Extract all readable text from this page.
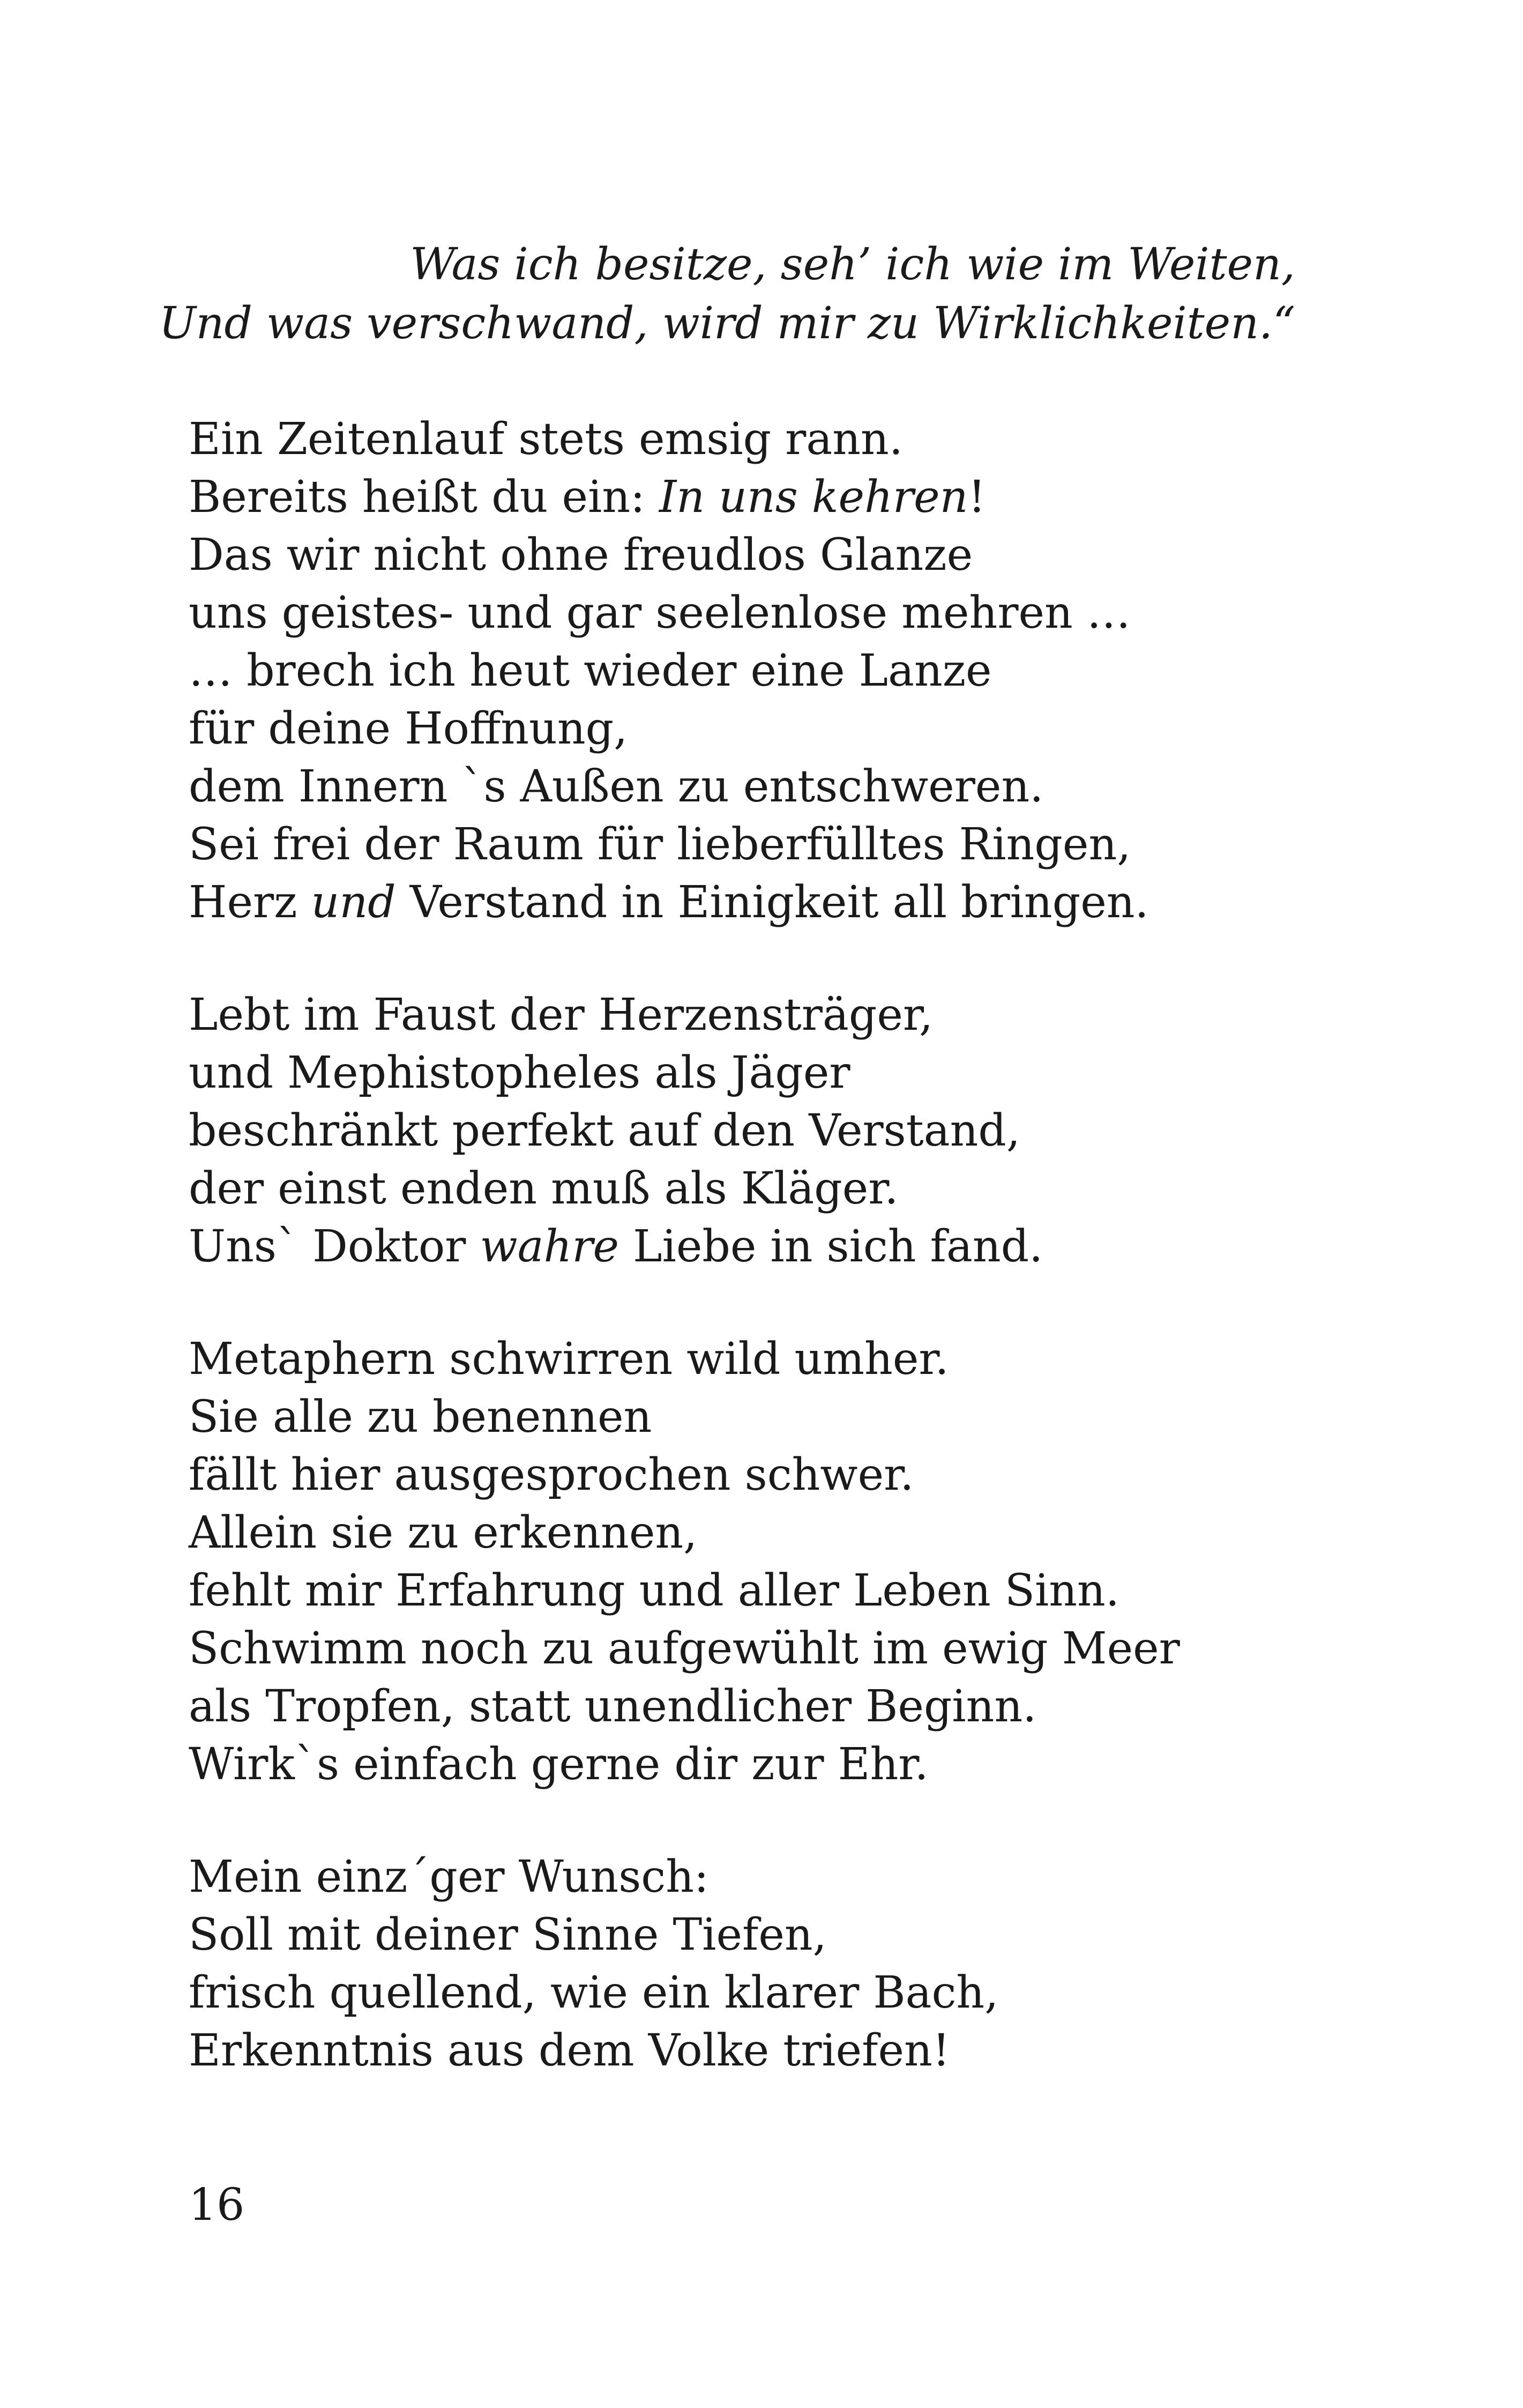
Was ich besitze, seh’ ich wie im Weiten,
Und was verschwand, wird mir zu Wirklichkeiten.“
Ein Zeitenlauf stets emsig rann.
Bereits heißt du ein: In uns kehren!
Das wir nicht ohne freudlos Glanze
uns geistes- und gar seelenlose mehren …
… brech ich heut wieder eine Lanze
für deine Hoffnung,
dem Innern `s Außen zu entschweren.
Sei frei der Raum für lieberfülltes Ringen,
Herz und Verstand in Einigkeit all bringen.
Lebt im Faust der Herzensträger,
und Mephistopheles als Jäger
beschränkt perfekt auf den Verstand,
der einst enden muß als Kläger.
Uns` Doktor wahre Liebe in sich fand.
Metaphern schwirren wild umher.
Sie alle zu benennen
fällt hier ausgesprochen schwer.
Allein sie zu erkennen,
fehlt mir Erfahrung und aller Leben Sinn.
Schwimm noch zu aufgewühlt im ewig Meer
als Tropfen, statt unendlicher Beginn.
Wirk`s einfach gerne dir zur Ehr.
Mein einz´ger Wunsch:
Soll mit deiner Sinne Tiefen,
frisch quellend, wie ein klarer Bach,
Erkenntnis aus dem Volke triefen!
16
